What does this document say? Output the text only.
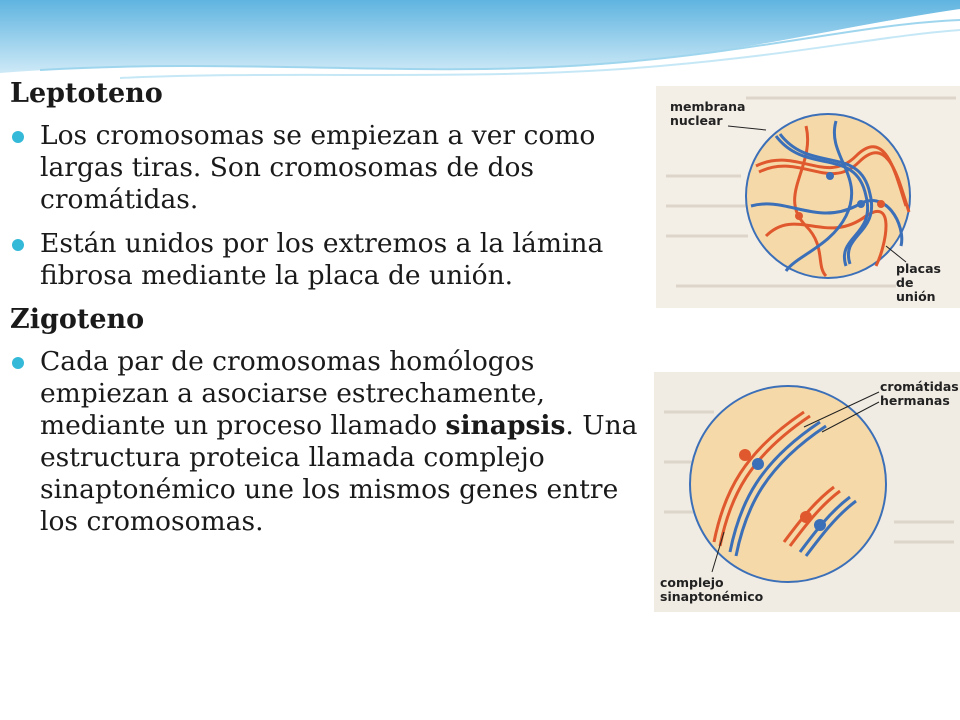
Leptoteno
Los cromosomas se empiezan a ver como largas tiras. Son cromosomas de dos cromátidas.
Están unidos por los extremos a la lámina fibrosa mediante la placa de unión.
Zigoteno
Cada par de cromosomas homólogos empiezan a asociarse estrechamente, mediante un proceso llamado sinapsis. Una estructura proteica llamada complejo sinaptonémico une los mismos genes entre los cromosomas.
membrana
nuclear
placas de
unión
cromátidas
hermanas
complejo
sinaptonémico
